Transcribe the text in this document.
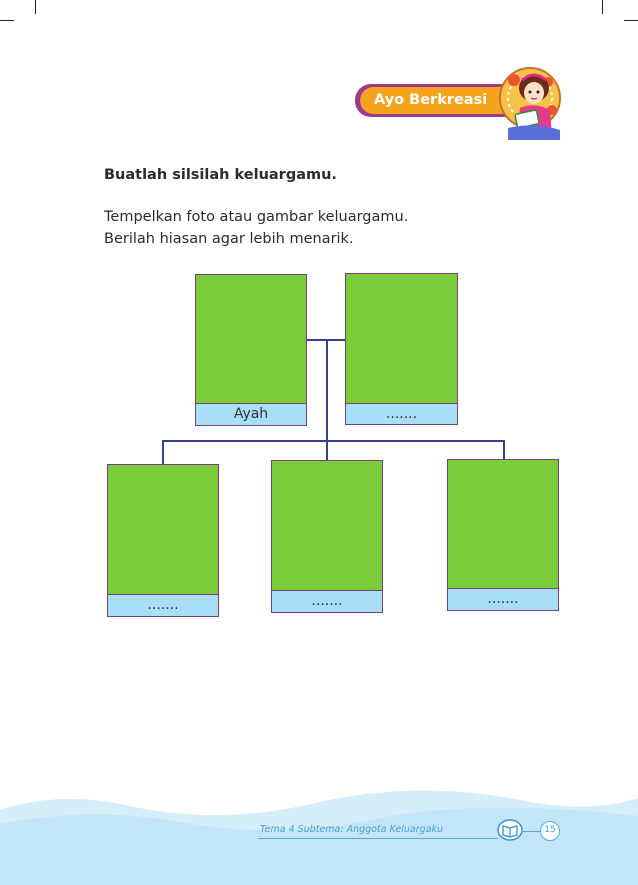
Ayo Berkreasi
Buatlah silsilah keluargamu.
Tempelkan foto atau gambar keluargamu.
Berilah hiasan agar lebih menarik.
Ayah	.......
.......	.......	.......
Tema 4 Subtema: Anggota Keluargaku	15
